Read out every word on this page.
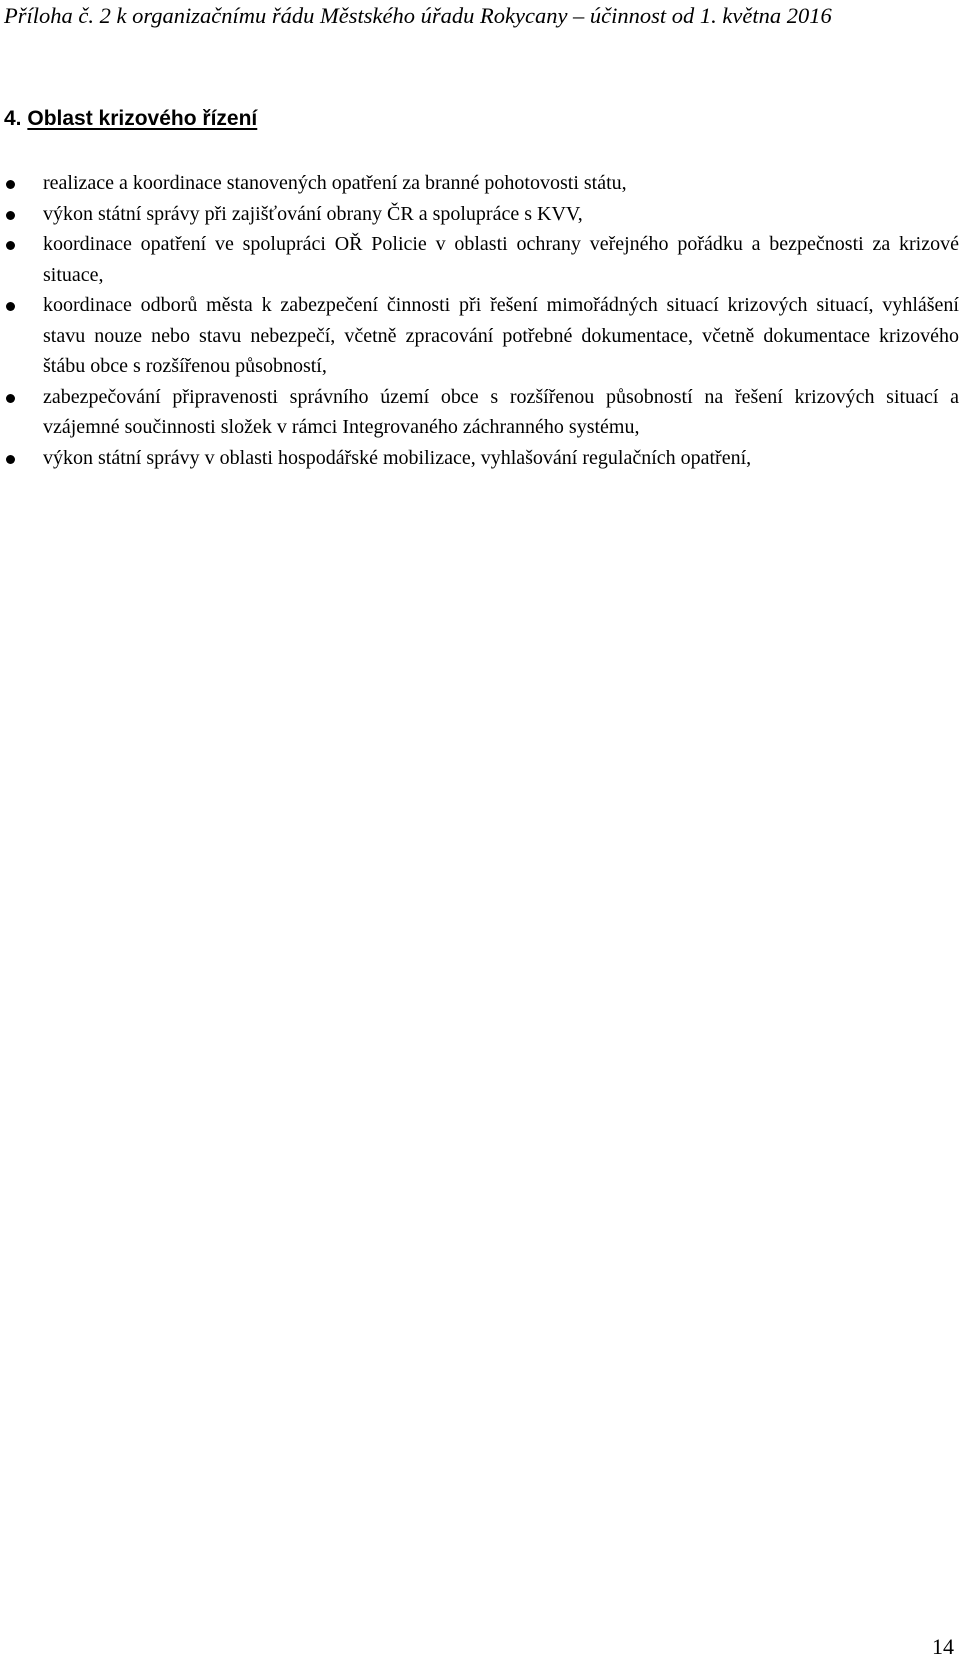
Příloha č. 2 k organizačnímu řádu Městského úřadu Rokycany – účinnost od 1. května 2016
4. Oblast krizového řízení
realizace a koordinace stanovených opatření za branné pohotovosti státu,
výkon státní správy při zajišťování obrany ČR a spolupráce s KVV,
koordinace opatření ve spolupráci OŘ Policie v oblasti ochrany veřejného pořádku a bezpečnosti za krizové situace,
koordinace odborů města k zabezpečení činnosti při řešení mimořádných situací krizových situací, vyhlášení stavu nouze nebo stavu nebezpečí, včetně zpracování potřebné dokumentace, včetně dokumentace krizového štábu obce s rozšířenou působností,
zabezpečování připravenosti správního území obce s rozšířenou působností na řešení krizových situací a vzájemné součinnosti složek v rámci Integrovaného záchranného systému,
výkon státní správy v oblasti hospodářské mobilizace, vyhlašování regulačních opatření,
14
